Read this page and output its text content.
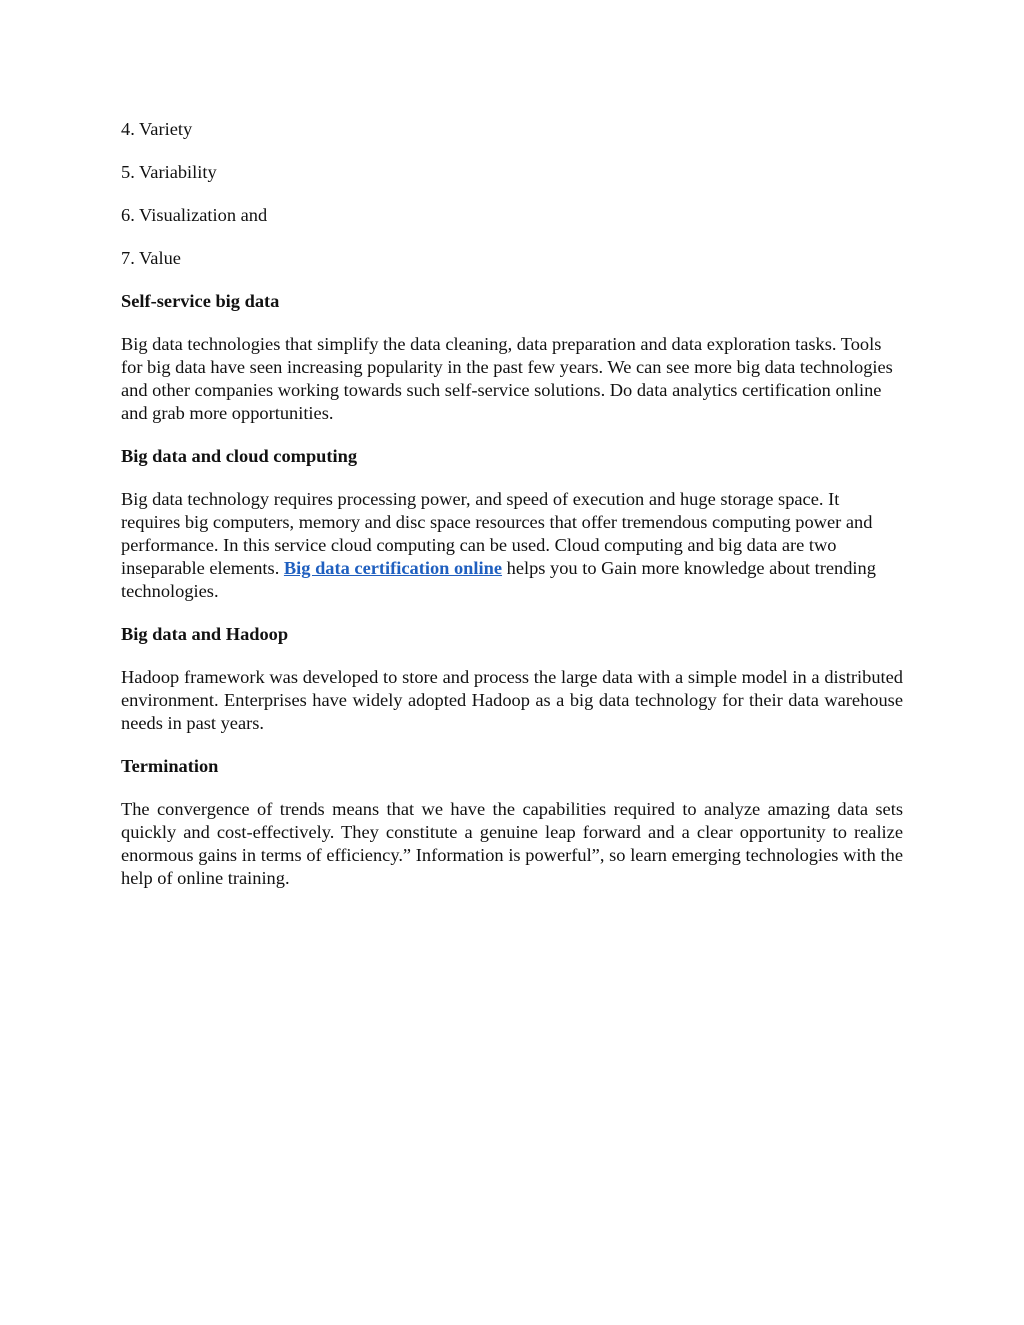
4. Variety
5. Variability
6. Visualization and
7. Value
Self-service big data
Big data technologies that simplify the data cleaning, data preparation and data exploration tasks. Tools for big data have seen increasing popularity in the past few years. We can see more big data technologies and other companies working towards such self-service solutions. Do data analytics certification online and grab more opportunities.
Big data and cloud computing
Big data technology requires processing power, and speed of execution and huge storage space. It requires big computers, memory and disc space resources that offer tremendous computing power and performance. In this service cloud computing can be used. Cloud computing and big data are two inseparable elements. Big data certification online helps you to Gain more knowledge about trending technologies.
Big data and Hadoop
Hadoop framework was developed to store and process the large data with a simple model in a distributed environment. Enterprises have widely adopted Hadoop as a big data technology for their data warehouse needs in past years.
Termination
The convergence of trends means that we have the capabilities required to analyze amazing data sets quickly and cost-effectively. They constitute a genuine leap forward and a clear opportunity to realize enormous gains in terms of efficiency.” Information is powerful”, so learn emerging technologies with the help of online training.
